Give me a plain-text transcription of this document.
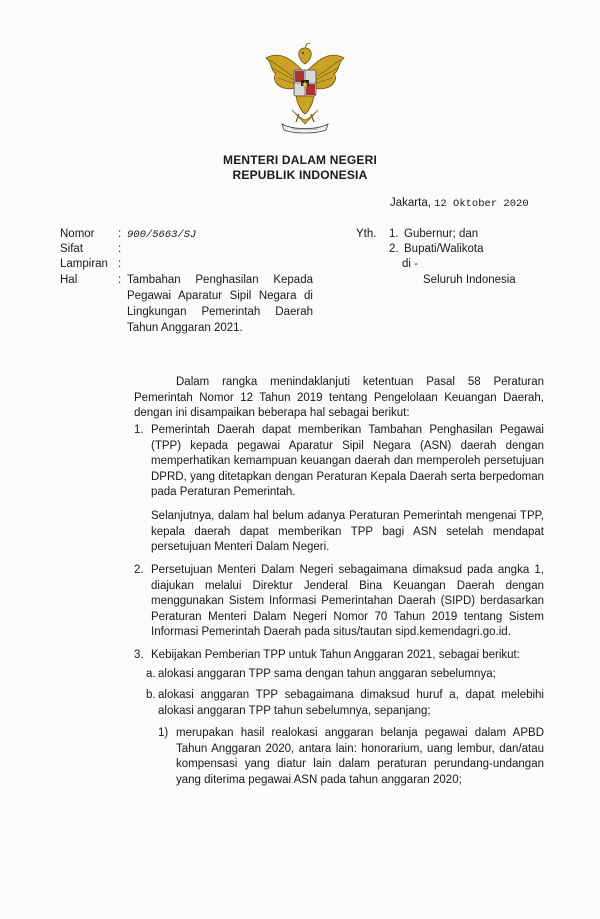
MENTERI DALAM NEGERI
REPUBLIK INDONESIA
Jakarta, 12 Oktober 2020
Nomor : 900/5663/SJ
Sifat	:
Lampiran :
Hal	: Tambahan Penghasilan Kepada Pegawai Aparatur Sipil Negara di Lingkungan Pemerintah Daerah Tahun Anggaran 2021.
Yth. 1. Gubernur; dan
2. Bupati/Walikota
di -
Seluruh Indonesia
Dalam rangka menindaklanjuti ketentuan Pasal 58 Peraturan Pemerintah Nomor 12 Tahun 2019 tentang Pengelolaan Keuangan Daerah, dengan ini disampaikan beberapa hal sebagai berikut:
1. Pemerintah Daerah dapat memberikan Tambahan Penghasilan Pegawai (TPP) kepada pegawai Aparatur Sipil Negara (ASN) daerah dengan memperhatikan kemampuan keuangan daerah dan memperoleh persetujuan DPRD, yang ditetapkan dengan Peraturan Kepala Daerah serta berpedoman pada Peraturan Pemerintah.
Selanjutnya, dalam hal belum adanya Peraturan Pemerintah mengenai TPP, kepala daerah dapat memberikan TPP bagi ASN setelah mendapat persetujuan Menteri Dalam Negeri.
2. Persetujuan Menteri Dalam Negeri sebagaimana dimaksud pada angka 1, diajukan melalui Direktur Jenderal Bina Keuangan Daerah dengan menggunakan Sistem Informasi Pemerintahan Daerah (SIPD) berdasarkan Peraturan Menteri Dalam Negeri Nomor 70 Tahun 2019 tentang Sistem Informasi Pemerintah Daerah pada situs/tautan sipd.kemendagri.go.id.
3. Kebijakan Pemberian TPP untuk Tahun Anggaran 2021, sebagai berikut:
a. alokasi anggaran TPP sama dengan tahun anggaran sebelumnya;
b. alokasi anggaran TPP sebagaimana dimaksud huruf a, dapat melebihi alokasi anggaran TPP tahun sebelumnya, sepanjang;
1) merupakan hasil realokasi anggaran belanja pegawai dalam APBD Tahun Anggaran 2020, antara lain: honorarium, uang lembur, dan/atau kompensasi yang diatur lain dalam peraturan perundang-undangan yang diterima pegawai ASN pada tahun anggaran 2020;
